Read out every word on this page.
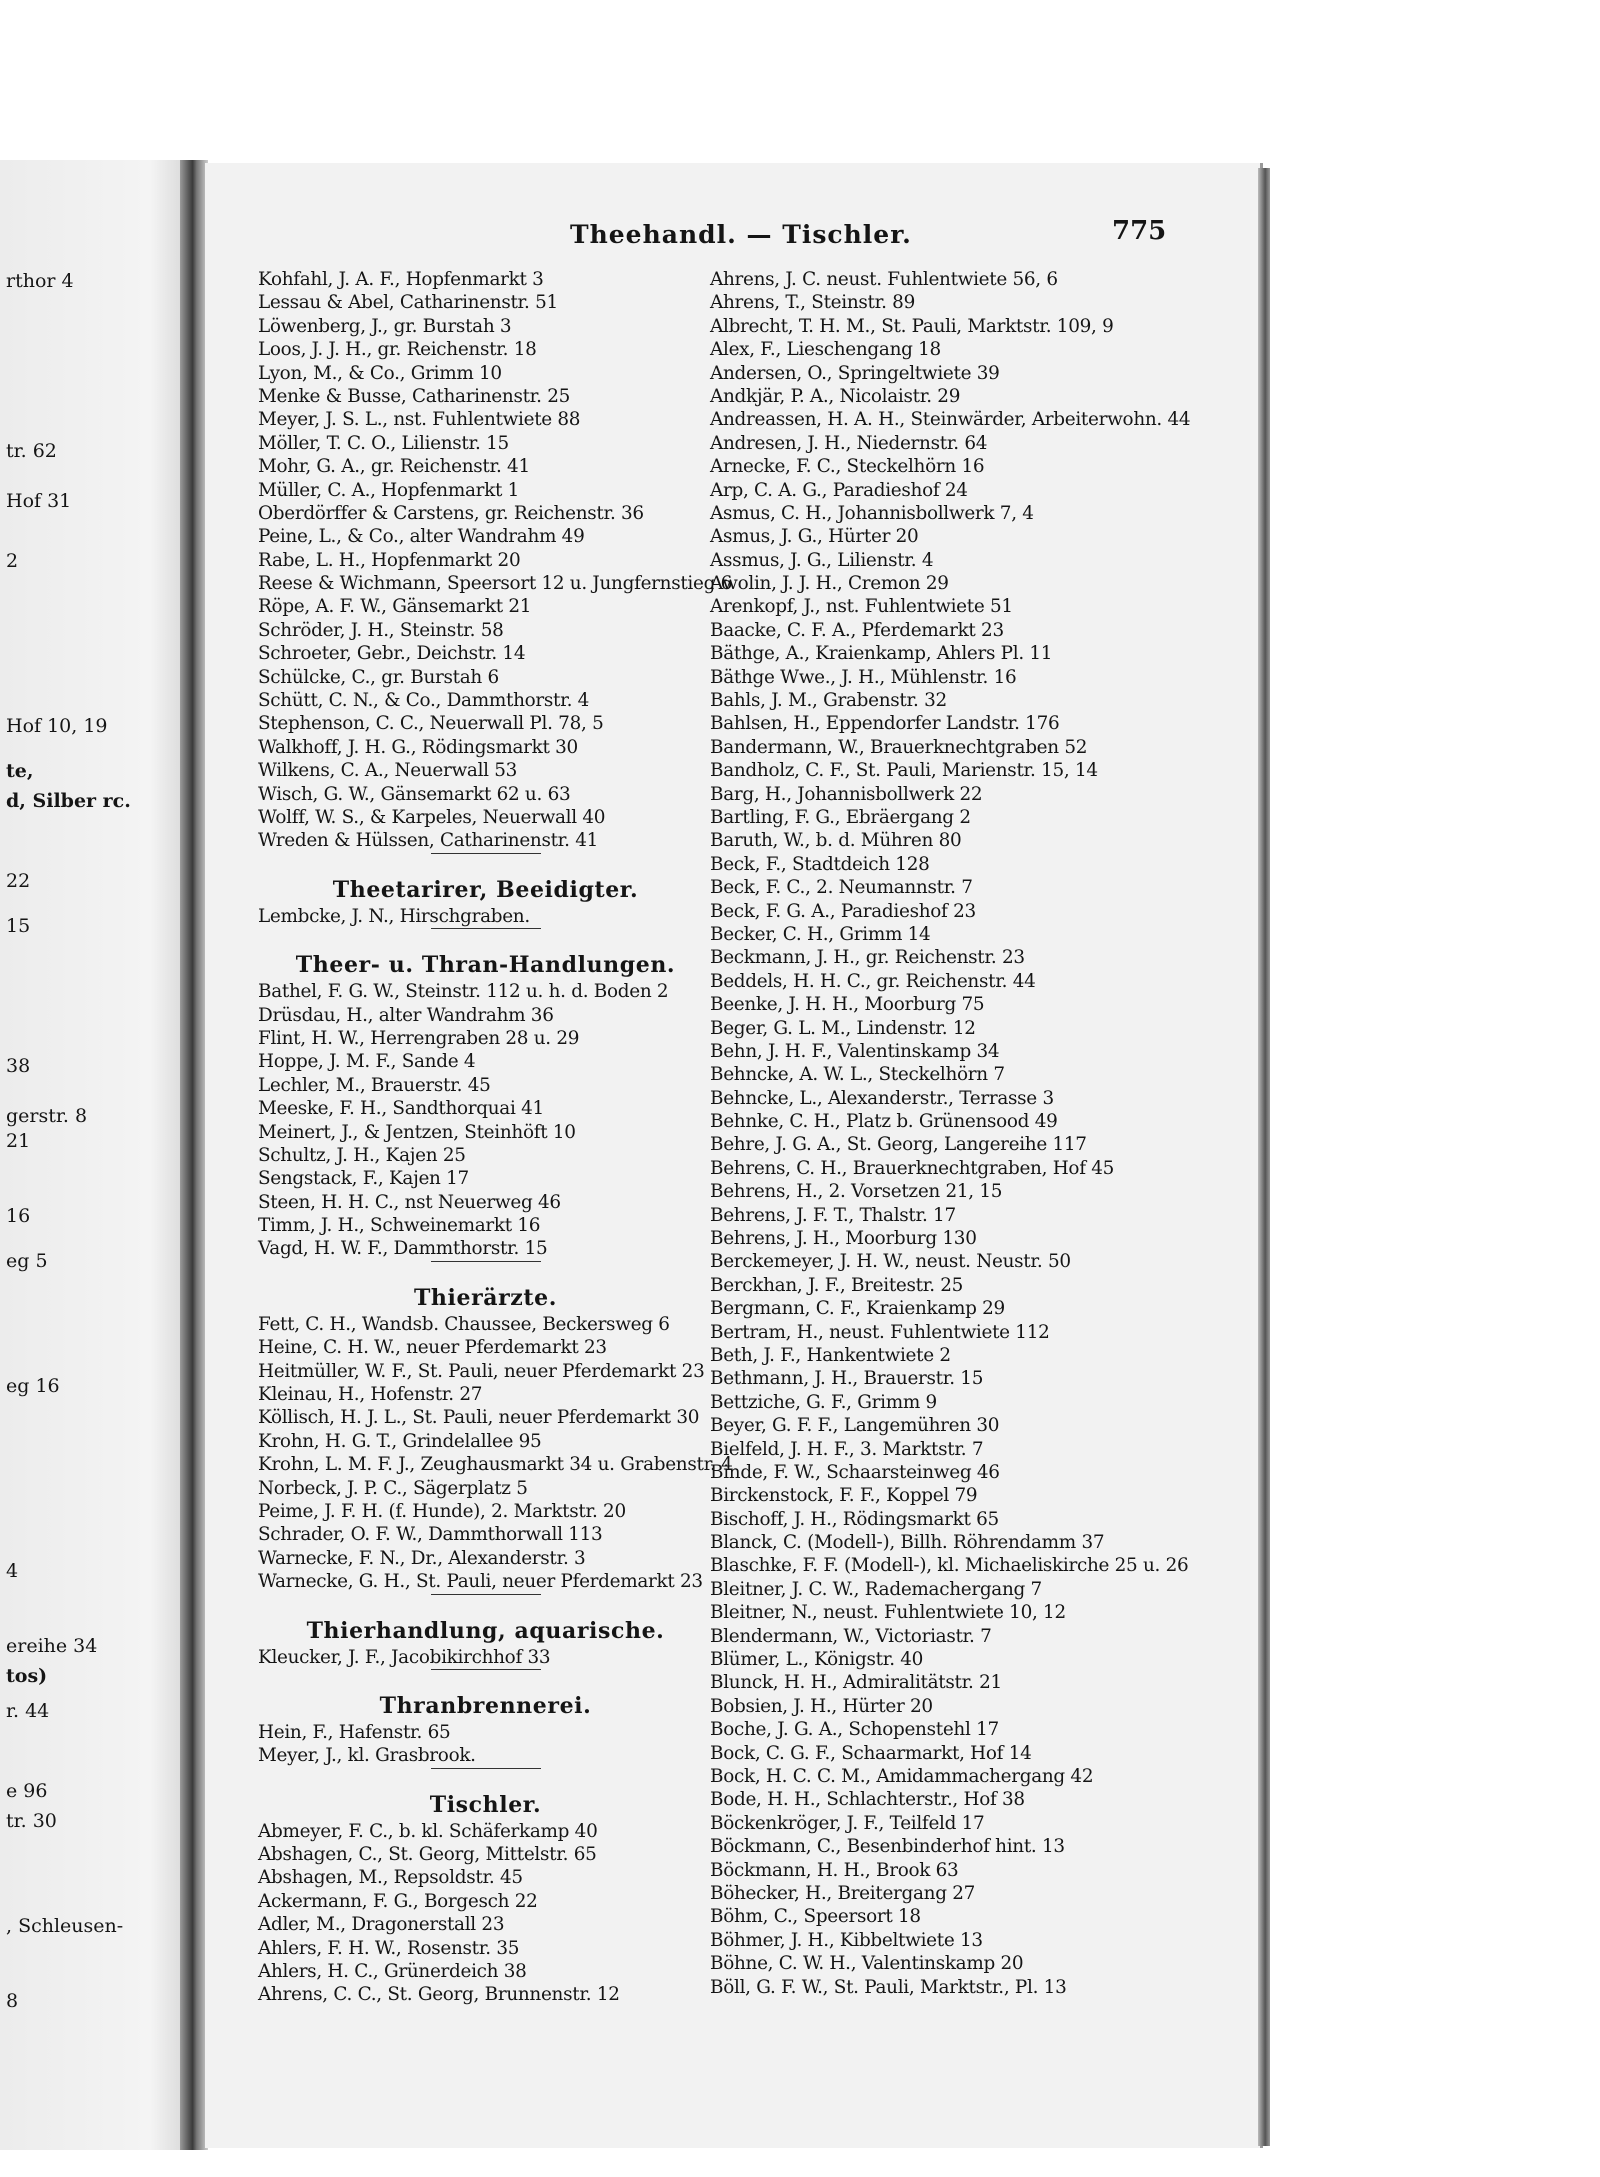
rthor 4
tr. 62
Hof 31
2
Hof 10, 19
te,
d, Silber rc.
22
15
38
gerstr. 8
21
16
eg 5
eg 16
4
ereihe 34
tos)
r. 44
e 96
tr. 30
, Schleusen-
8
Theehandl. — Tischler.	775
Kohfahl, J. A. F., Hopfenmarkt 3
Lessau & Abel, Catharinenstr. 51
Löwenberg, J., gr. Burstah 3
Loos, J. J. H., gr. Reichenstr. 18
Lyon, M., & Co., Grimm 10
Menke & Busse, Catharinenstr. 25
Meyer, J. S. L., nst. Fuhlentwiete 88
Möller, T. C. O., Lilienstr. 15
Mohr, G. A., gr. Reichenstr. 41
Müller, C. A., Hopfenmarkt 1
Oberdörffer & Carstens, gr. Reichenstr. 36
Peine, L., & Co., alter Wandrahm 49
Rabe, L. H., Hopfenmarkt 20
Reese & Wichmann, Speersort 12 u. Jungfernstieg 6
Röpe, A. F. W., Gänsemarkt 21
Schröder, J. H., Steinstr. 58
Schroeter, Gebr., Deichstr. 14
Schülcke, C., gr. Burstah 6
Schütt, C. N., & Co., Dammthorstr. 4
Stephenson, C. C., Neuerwall Pl. 78, 5
Walkhoff, J. H. G., Rödingsmarkt 30
Wilkens, C. A., Neuerwall 53
Wisch, G. W., Gänsemarkt 62 u. 63
Wolff, W. S., & Karpeles, Neuerwall 40
Wreden & Hülssen, Catharinenstr. 41
Theetarirer, Beeidigter.
Lembcke, J. N., Hirschgraben.
Theer- u. Thran-Handlungen.
Bathel, F. G. W., Steinstr. 112 u. h. d. Boden 2
Drüsdau, H., alter Wandrahm 36
Flint, H. W., Herrengraben 28 u. 29
Hoppe, J. M. F., Sande 4
Lechler, M., Brauerstr. 45
Meeske, F. H., Sandthorquai 41
Meinert, J., & Jentzen, Steinhöft 10
Schultz, J. H., Kajen 25
Sengstack, F., Kajen 17
Steen, H. H. C., nst Neuerweg 46
Timm, J. H., Schweinemarkt 16
Vagd, H. W. F., Dammthorstr. 15
Thierärzte.
Fett, C. H., Wandsb. Chaussee, Beckersweg 6
Heine, C. H. W., neuer Pferdemarkt 23
Heitmüller, W. F., St. Pauli, neuer Pferdemarkt 23
Kleinau, H., Hofenstr. 27
Köllisch, H. J. L., St. Pauli, neuer Pferdemarkt 30
Krohn, H. G. T., Grindelallee 95
Krohn, L. M. F. J., Zeughausmarkt 34 u. Grabenstr. 4
Norbeck, J. P. C., Sägerplatz 5
Peime, J. F. H. (f. Hunde), 2. Marktstr. 20
Schrader, O. F. W., Dammthorwall 113
Warnecke, F. N., Dr., Alexanderstr. 3
Warnecke, G. H., St. Pauli, neuer Pferdemarkt 23
Thierhandlung, aquarische.
Kleucker, J. F., Jacobikirchhof 33
Thranbrennerei.
Hein, F., Hafenstr. 65
Meyer, J., kl. Grasbrook.
Tischler.
Abmeyer, F. C., b. kl. Schäferkamp 40
Abshagen, C., St. Georg, Mittelstr. 65
Abshagen, M., Repsoldstr. 45
Ackermann, F. G., Borgesch 22
Adler, M., Dragonerstall 23
Ahlers, F. H. W., Rosenstr. 35
Ahlers, H. C., Grünerdeich 38
Ahrens, C. C., St. Georg, Brunnenstr. 12
Ahrens, J. C. neust. Fuhlentwiete 56, 6
Ahrens, T., Steinstr. 89
Albrecht, T. H. M., St. Pauli, Marktstr. 109, 9
Alex, F., Lieschengang 18
Andersen, O., Springeltwiete 39
Andkjär, P. A., Nicolaistr. 29
Andreassen, H. A. H., Steinwärder, Arbeiterwohn. 44
Andresen, J. H., Niedernstr. 64
Arnecke, F. C., Steckelhörn 16
Arp, C. A. G., Paradieshof 24
Asmus, C. H., Johannisbollwerk 7, 4
Asmus, J. G., Hürter 20
Assmus, J. G., Lilienstr. 4
Awolin, J. J. H., Cremon 29
Arenkopf, J., nst. Fuhlentwiete 51
Baacke, C. F. A., Pferdemarkt 23
Bäthge, A., Kraienkamp, Ahlers Pl. 11
Bäthge Wwe., J. H., Mühlenstr. 16
Bahls, J. M., Grabenstr. 32
Bahlsen, H., Eppendorfer Landstr. 176
Bandermann, W., Brauerknechtgraben 52
Bandholz, C. F., St. Pauli, Marienstr. 15, 14
Barg, H., Johannisbollwerk 22
Bartling, F. G., Ebräergang 2
Baruth, W., b. d. Mühren 80
Beck, F., Stadtdeich 128
Beck, F. C., 2. Neumannstr. 7
Beck, F. G. A., Paradieshof 23
Becker, C. H., Grimm 14
Beckmann, J. H., gr. Reichenstr. 23
Beddels, H. H. C., gr. Reichenstr. 44
Beenke, J. H. H., Moorburg 75
Beger, G. L. M., Lindenstr. 12
Behn, J. H. F., Valentinskamp 34
Behncke, A. W. L., Steckelhörn 7
Behncke, L., Alexanderstr., Terrasse 3
Behnke, C. H., Platz b. Grünensood 49
Behre, J. G. A., St. Georg, Langereihe 117
Behrens, C. H., Brauerknechtgraben, Hof 45
Behrens, H., 2. Vorsetzen 21, 15
Behrens, J. F. T., Thalstr. 17
Behrens, J. H., Moorburg 130
Berckemeyer, J. H. W., neust. Neustr. 50
Berckhan, J. F., Breitestr. 25
Bergmann, C. F., Kraienkamp 29
Bertram, H., neust. Fuhlentwiete 112
Beth, J. F., Hankentwiete 2
Bethmann, J. H., Brauerstr. 15
Bettziche, G. F., Grimm 9
Beyer, G. F. F., Langemühren 30
Bielfeld, J. H. F., 3. Marktstr. 7
Binde, F. W., Schaarsteinweg 46
Birckenstock, F. F., Koppel 79
Bischoff, J. H., Rödingsmarkt 65
Blanck, C. (Modell-), Billh. Röhrendamm 37
Blaschke, F. F. (Modell-), kl. Michaeliskirche 25 u. 26
Bleitner, J. C. W., Rademachergang 7
Bleitner, N., neust. Fuhlentwiete 10, 12
Blendermann, W., Victoriastr. 7
Blümer, L., Königstr. 40
Blunck, H. H., Admiralitätstr. 21
Bobsien, J. H., Hürter 20
Boche, J. G. A., Schopenstehl 17
Bock, C. G. F., Schaarmarkt, Hof 14
Bock, H. C. C. M., Amidammachergang 42
Bode, H. H., Schlachterstr., Hof 38
Böckenkröger, J. F., Teilfeld 17
Böckmann, C., Besenbinderhof hint. 13
Böckmann, H. H., Brook 63
Böhecker, H., Breitergang 27
Böhm, C., Speersort 18
Böhmer, J. H., Kibbeltwiete 13
Böhne, C. W. H., Valentinskamp 20
Böll, G. F. W., St. Pauli, Marktstr., Pl. 13
